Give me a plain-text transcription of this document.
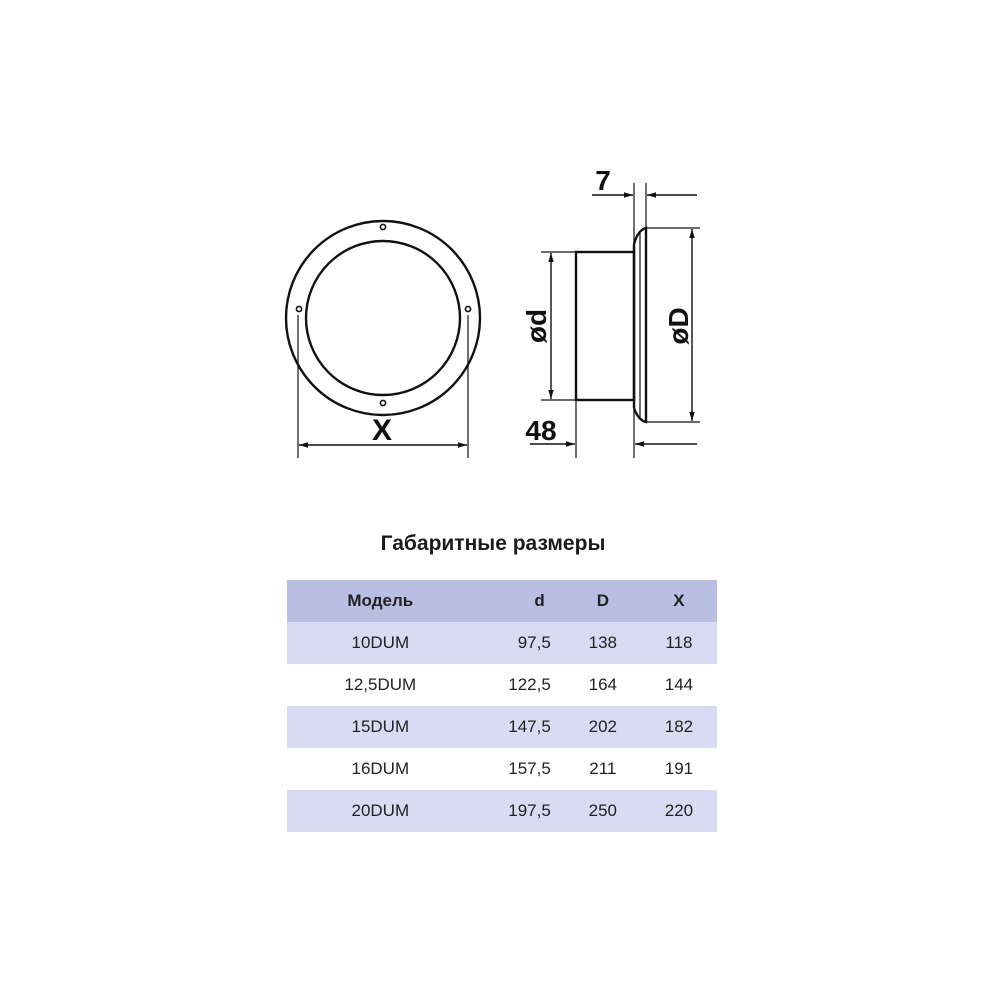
X
7
ød	øD
48
Габаритные размеры
Модель	d	D	X
10DUM	97,5	138	118
12,5DUM	122,5	164	144
15DUM	147,5	202	182
16DUM	157,5	211	191
20DUM	197,5	250	220
